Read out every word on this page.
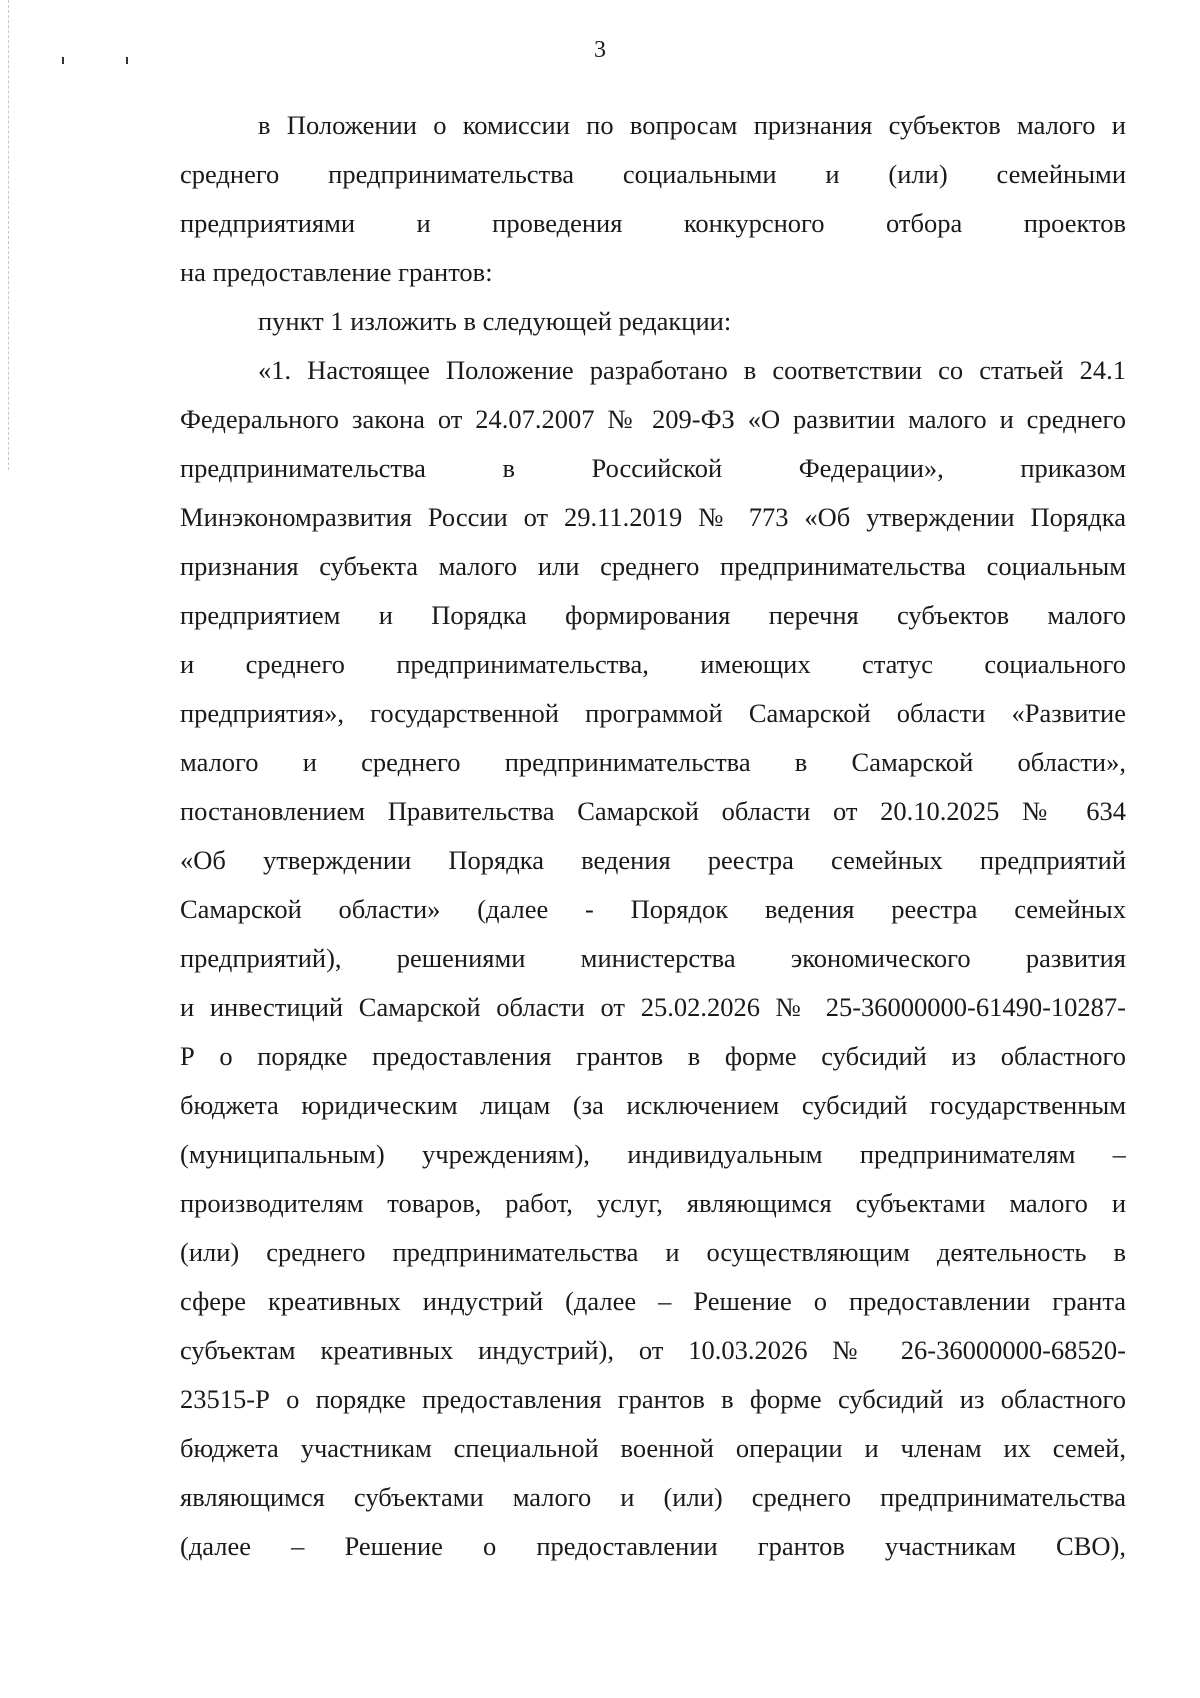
3
в Положении о комиссии по вопросам признания субъектов малого и
среднего предпринимательства социальными и (или) семейными
предприятиями и проведения конкурсного отбора проектов
на предоставление грантов:
пункт 1 изложить в следующей редакции:
«1. Настоящее Положение разработано в соответствии со статьей 24.1
Федерального закона от 24.07.2007 № 209-ФЗ «О развитии малого и среднего
предпринимательства в Российской Федерации», приказом
Минэкономразвития России от 29.11.2019 № 773 «Об утверждении Порядка
признания субъекта малого или среднего предпринимательства социальным
предприятием и Порядка формирования перечня субъектов малого
и среднего предпринимательства, имеющих статус социального
предприятия», государственной программой Самарской области «Развитие
малого и среднего предпринимательства в Самарской области»,
постановлением Правительства Самарской области от 20.10.2025 № 634
«Об утверждении Порядка ведения реестра семейных предприятий
Самарской области» (далее - Порядок ведения реестра семейных
предприятий), решениями министерства экономического развития
и инвестиций Самарской области от 25.02.2026 № 25-36000000-61490-10287-
Р о порядке предоставления грантов в форме субсидий из областного
бюджета юридическим лицам (за исключением субсидий государственным
(муниципальным) учреждениям), индивидуальным предпринимателям –
производителям товаров, работ, услуг, являющимся субъектами малого и
(или) среднего предпринимательства и осуществляющим деятельность в
сфере креативных индустрий (далее – Решение о предоставлении гранта
субъектам креативных индустрий), от 10.03.2026 № 26-36000000-68520-
23515-Р о порядке предоставления грантов в форме субсидий из областного
бюджета участникам специальной военной операции и членам их семей,
являющимся субъектами малого и (или) среднего предпринимательства
(далее – Решение о предоставлении грантов участникам СВО),
